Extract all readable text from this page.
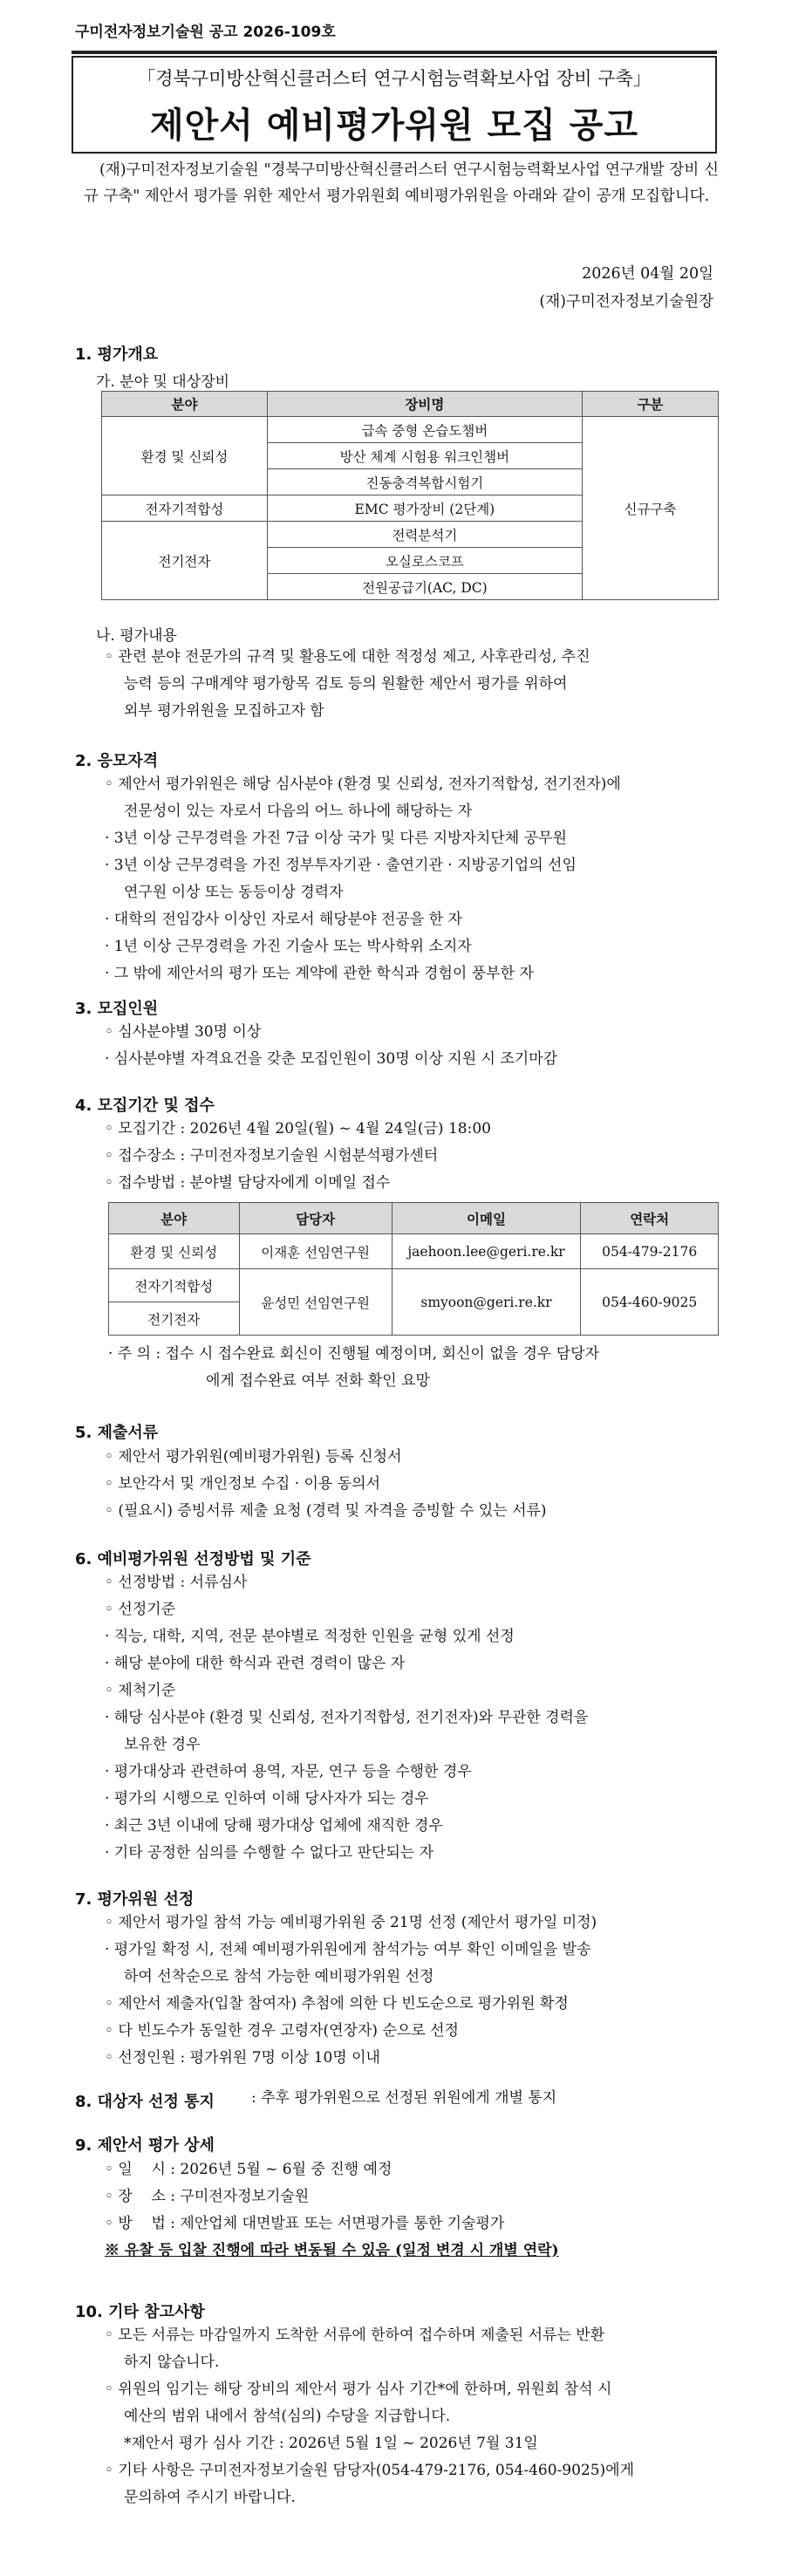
구미전자정보기술원 공고 2026-109호
「경북구미방산혁신클러스터 연구시험능력확보사업 장비 구축」
제안서 예비평가위원 모집 공고

(재)구미전자정보기술원 "경북구미방산혁신클러스터 연구시험능력확보사업 연구개발 장비 신규 구축" 제안서 평가를 위한 제안서 평가위원회 예비평가위원을 아래와 같이 공개 모집합니다.

2026년 04월 20일
(재)구미전자정보기술원장
1. 평가개요
가. 분야 및 대상장비
분야	장비명	구분
환경 및 신뢰성	급속 중형 온습도챔버	신규구축
	방산 체계 시험용 워크인챔버	
	진동충격복합시험기	
전자기적합성	EMC 평가장비 (2단계)	
전기전자	전력분석기	
	오실로스코프	
	전원공급기(AC, DC)	
나. 평가내용
◦ 관련 분야 전문가의 규격 및 활용도에 대한 적정성 제고, 사후관리성, 추진
능력 등의 구매계약 평가항목 검토 등의 원활한 제안서 평가를 위하여
외부 평가위원을 모집하고자 함
2. 응모자격
◦ 제안서 평가위원은 해당 심사분야 (환경 및 신뢰성, 전자기적합성, 전기전자)에
전문성이 있는 자로서 다음의 어느 하나에 해당하는 자
· 3년 이상 근무경력을 가진 7급 이상 국가 및 다른 지방자치단체 공무원
· 3년 이상 근무경력을 가진 정부투자기관 · 출연기관 · 지방공기업의 선임
연구원 이상 또는 동등이상 경력자
· 대학의 전임강사 이상인 자로서 해당분야 전공을 한 자
· 1년 이상 근무경력을 가진 기술사 또는 박사학위 소지자
· 그 밖에 제안서의 평가 또는 계약에 관한 학식과 경험이 풍부한 자
3. 모집인원
◦ 심사분야별 30명 이상
· 심사분야별 자격요건을 갖춘 모집인원이 30명 이상 지원 시 조기마감
4. 모집기간 및 접수
◦ 모집기간 : 2026년 4월 20일(월) ~ 4월 24일(금) 18:00
◦ 접수장소 : 구미전자정보기술원 시험분석평가센터
◦ 접수방법 : 분야별 담당자에게 이메일 접수
분야	담당자	이메일	연락처
환경 및 신뢰성	이재훈 선임연구원	jaehoon.lee@geri.re.kr	054-479-2176
전자기적합성	윤성민 선임연구원	smyoon@geri.re.kr	054-460-9025
전기전자			
· 주 의 : 접수 시 접수완료 회신이 진행될 예정이며, 회신이 없을 경우 담당자
에게 접수완료 여부 전화 확인 요망
5. 제출서류
◦ 제안서 평가위원(예비평가위원) 등록 신청서
◦ 보안각서 및 개인정보 수집 · 이용 동의서
◦ (필요시) 증빙서류 제출 요청 (경력 및 자격을 증빙할 수 있는 서류)
6. 예비평가위원 선정방법 및 기준
◦ 선정방법 : 서류심사
◦ 선정기준
· 직능, 대학, 지역, 전문 분야별로 적정한 인원을 균형 있게 선정
· 해당 분야에 대한 학식과 관련 경력이 많은 자
◦ 제척기준
· 해당 심사분야 (환경 및 신뢰성, 전자기적합성, 전기전자)와 무관한 경력을
보유한 경우
· 평가대상과 관련하여 용역, 자문, 연구 등을 수행한 경우
· 평가의 시행으로 인하여 이해 당사자가 되는 경우
· 최근 3년 이내에 당해 평가대상 업체에 재직한 경우
· 기타 공정한 심의를 수행할 수 없다고 판단되는 자
7. 평가위원 선정
◦ 제안서 평가일 참석 가능 예비평가위원 중 21명 선정 (제안서 평가일 미정)
· 평가일 확정 시, 전체 예비평가위원에게 참석가능 여부 확인 이메일을 발송
하여 선착순으로 참석 가능한 예비평가위원 선정
◦ 제안서 제출자(입찰 참여자) 추첨에 의한 다 빈도순으로 평가위원 확정
◦ 다 빈도수가 동일한 경우 고령자(연장자) 순으로 선정
◦ 선정인원 : 평가위원 7명 이상 10명 이내
8. 대상자 선정 통지 : 추후 평가위원으로 선정된 위원에게 개별 통지
9. 제안서 평가 상세
◦ 일    시 : 2026년 5월 ~ 6월 중 진행 예정
◦ 장    소 : 구미전자정보기술원
◦ 방    법 : 제안업체 대면발표 또는 서면평가를 통한 기술평가
※ 유찰 등 입찰 진행에 따라 변동될 수 있음 (일정 변경 시 개별 연락)
10. 기타 참고사항
◦ 모든 서류는 마감일까지 도착한 서류에 한하여 접수하며 제출된 서류는 반환
하지 않습니다.
◦ 위원의 임기는 해당 장비의 제안서 평가 심사 기간*에 한하며, 위원회 참석 시
예산의 범위 내에서 참석(심의) 수당을 지급합니다.
*제안서 평가 심사 기간 : 2026년 5월 1일 ~ 2026년 7월 31일
◦ 기타 사항은 구미전자정보기술원 담당자(054-479-2176, 054-460-9025)에게
문의하여 주시기 바랍니다.
